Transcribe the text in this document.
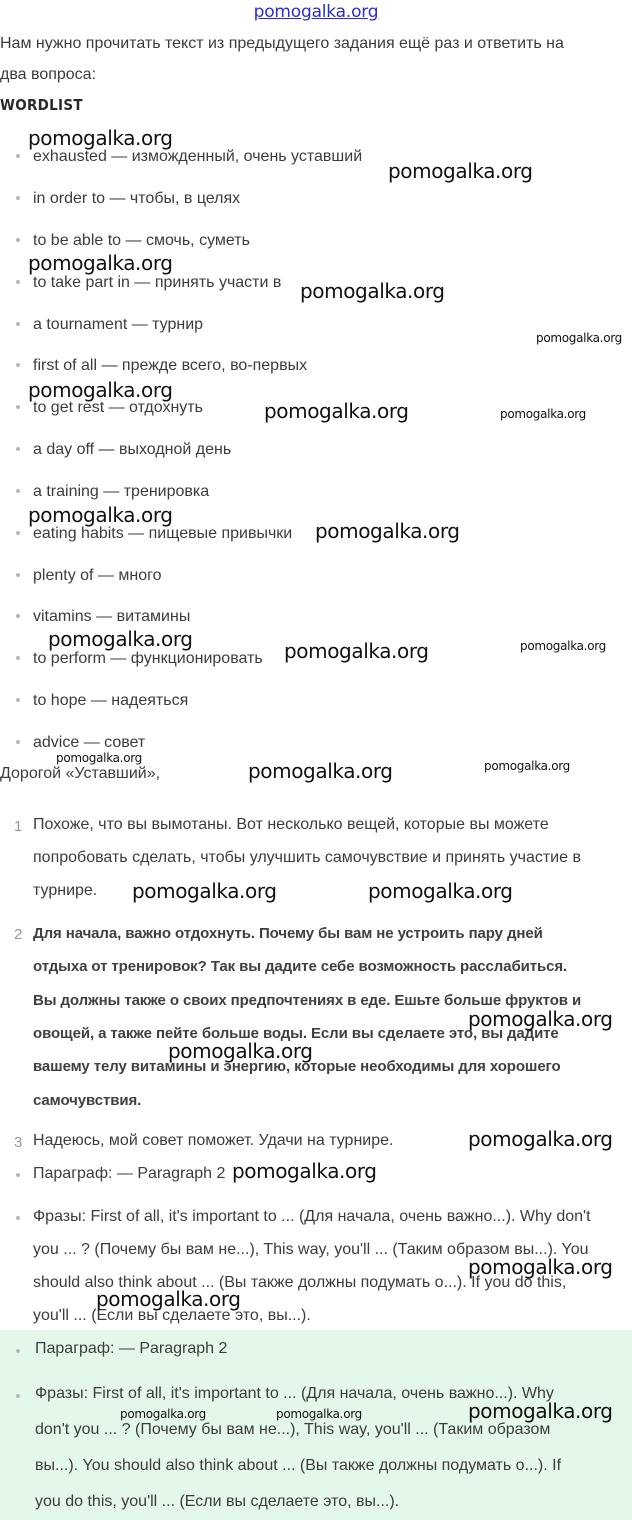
pomogalka.org
Нам нужно прочитать текст из предыдущего задания ещё раз и ответить на
два вопроса:
WORDLIST
exhausted — изможденный, очень уставший
in order to — чтобы, в целях
to be able to — смочь, суметь
to take part in — принять участи в
a tournament — турнир
first of all — прежде всего, во-первых
to get rest — отдохнуть
a day off — выходной день
a training — тренировка
eating habits — пищевые привычки
plenty of — много
vitamins — витамины
to perform — функционировать
to hope — надеяться
advice — совет
Дорогой «Уставший»,
1 Похоже, что вы вымотаны. Вот несколько вещей, которые вы можете
попробовать сделать, чтобы улучшить самочувствие и принять участие в
турнире.
2 Для начала, важно отдохнуть. Почему бы вам не устроить пару дней
отдыха от тренировок? Так вы дадите себе возможность расслабиться.
Вы должны также о своих предпочтениях в еде. Ешьте больше фруктов и
овощей, а также пейте больше воды. Если вы сделаете это, вы дадите
вашему телу витамины и энергию, которые необходимы для хорошего
самочувствия.
3 Надеюсь, мой совет поможет. Удачи на турнире.
Параграф: — Paragraph 2
Фразы: First of all, it's important to ... (Для начала, очень важно...). Why don't
you ... ? (Почему бы вам не...), This way, you'll ... (Таким образом вы...). You
should also think about ... (Вы также должны подумать о...). If you do this,
you'll ... (Если вы сделаете это, вы...).
Параграф: — Paragraph 2
Фразы: First of all, it's important to ... (Для начала, очень важно...). Why
don't you ... ? (Почему бы вам не...), This way, you'll ... (Таким образом
вы...). You should also think about ... (Вы также должны подумать о...). If
you do this, you'll ... (Если вы сделаете это, вы...).
pomogalka.org
pomogalka.org
pomogalka.org
pomogalka.org
pomogalka.org
pomogalka.org
pomogalka.org	pomogalka.org
pomogalka.org
pomogalka.org
pomogalka.org	pomogalka.org	pomogalka.org
pomogalka.org
pomogalka.org	pomogalka.org
pomogalka.org	pomogalka.org
pomogalka.org
pomogalka.org
pomogalka.org
pomogalka.org
pomogalka.org
pomogalka.org
pomogalka.org
pomogalka.org	pomogalka.org
